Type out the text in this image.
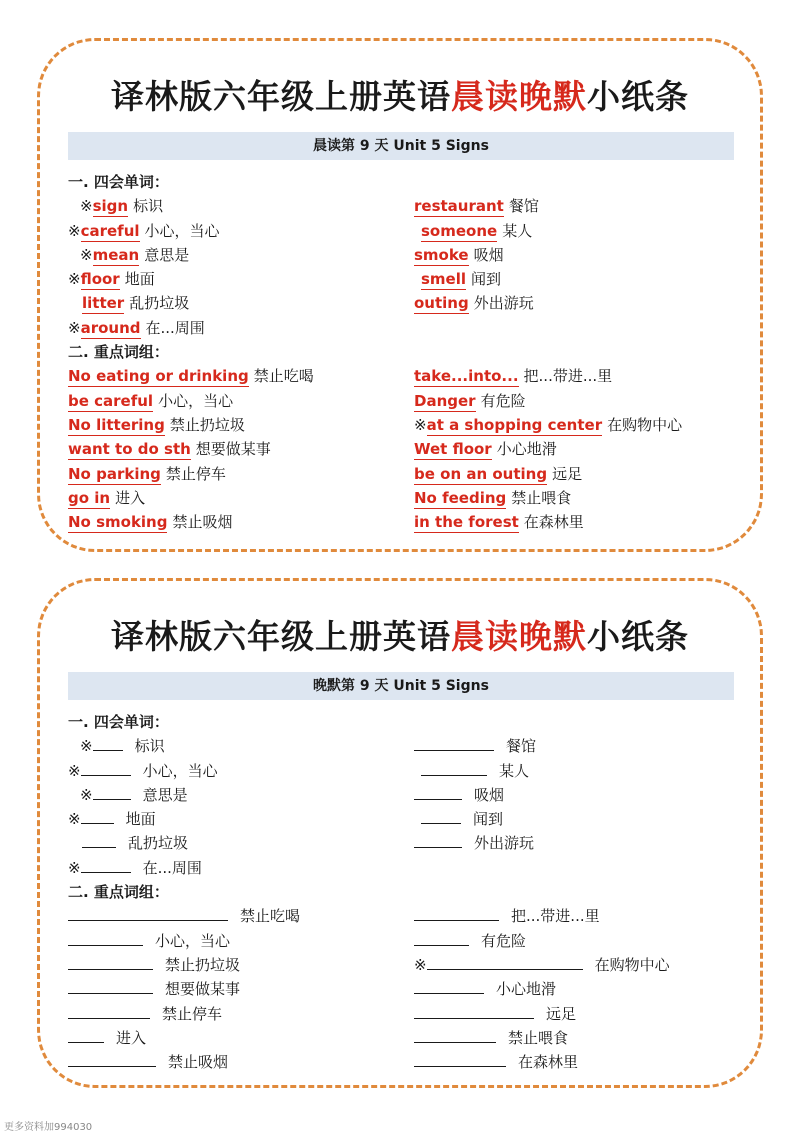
译林版六年级上册英语晨读晚默小纸条
晨读第 9 天 Unit 5 Signs
一. 四会单词：
※sign 标识	restaurant 餐馆
※careful 小心，当心	someone 某人
※mean 意思是	smoke 吸烟
※floor 地面	smell 闻到
litter 乱扔垃圾	outing 外出游玩
※around 在...周围
二. 重点词组：
No eating or drinking 禁止吃喝	take...into... 把...带进...里
be careful 小心，当心	Danger 有危险
No littering 禁止扔垃圾	※at a shopping center 在购物中心
want to do sth 想要做某事	Wet floor 小心地滑
No parking 禁止停车	be on an outing 远足
go in 进入	No feeding 禁止喂食
No smoking 禁止吸烟	in the forest 在森林里
译林版六年级上册英语晨读晚默小纸条
晚默第 9 天 Unit 5 Signs
一. 四会单词：
※	标识	餐馆
※	小心，当心	某人
※	意思是	吸烟
※	地面	闻到
乱扔垃圾	外出游玩
※	在...周围
二. 重点词组：
禁止吃喝	把...带进...里
小心，当心	有危险
禁止扔垃圾	※	在购物中心
想要做某事	小心地滑
禁止停车	远足
进入	禁止喂食
禁止吸烟	在森林里
更多资料加994030
